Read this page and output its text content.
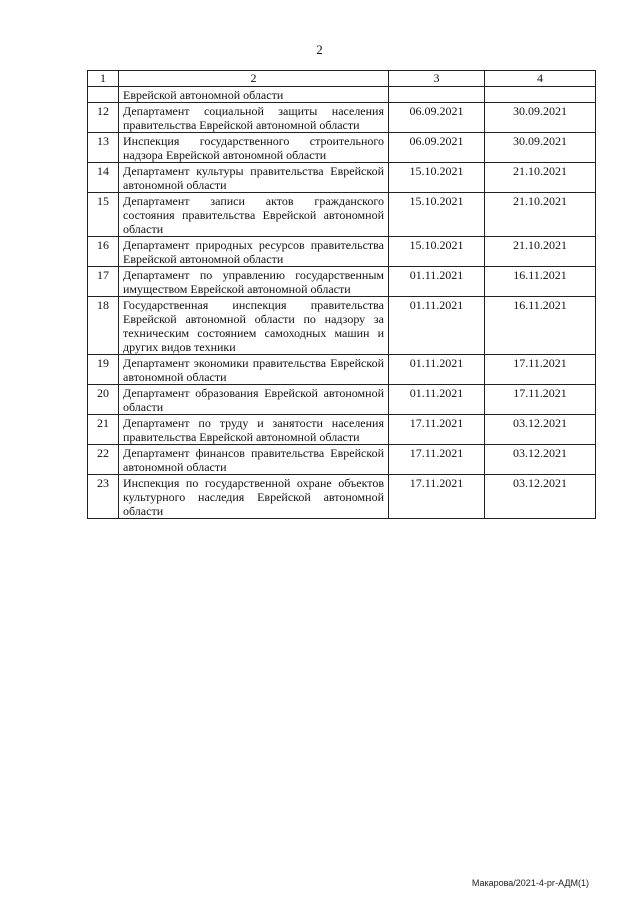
2
1	2	3	4
	Еврейской автономной области		
12	Департамент социальной защиты населения правительства Еврейской автономной области	06.09.2021	30.09.2021
13	Инспекция государственного строительного надзора Еврейской автономной области	06.09.2021	30.09.2021
14	Департамент культуры правительства Еврейской автономной области	15.10.2021	21.10.2021
15	Департамент записи актов гражданского состояния правительства Еврейской автономной области	15.10.2021	21.10.2021
16	Департамент природных ресурсов правительства Еврейской автономной области	15.10.2021	21.10.2021
17	Департамент по управлению государственным имуществом Еврейской автономной области	01.11.2021	16.11.2021
18	Государственная инспекция правительства Еврейской автономной области по надзору за техническим состоянием самоходных машин и других видов техники	01.11.2021	16.11.2021
19	Департамент экономики правительства Еврейской автономной области	01.11.2021	17.11.2021
20	Департамент образования Еврейской автономной области	01.11.2021	17.11.2021
21	Департамент по труду и занятости населения правительства Еврейской автономной области	17.11.2021	03.12.2021
22	Департамент финансов правительства Еврейской автономной области	17.11.2021	03.12.2021
23	Инспекция по государственной охране объектов культурного наследия Еврейской автономной области	17.11.2021	03.12.2021
Макарова/2021-4-рг-АДМ(1)
